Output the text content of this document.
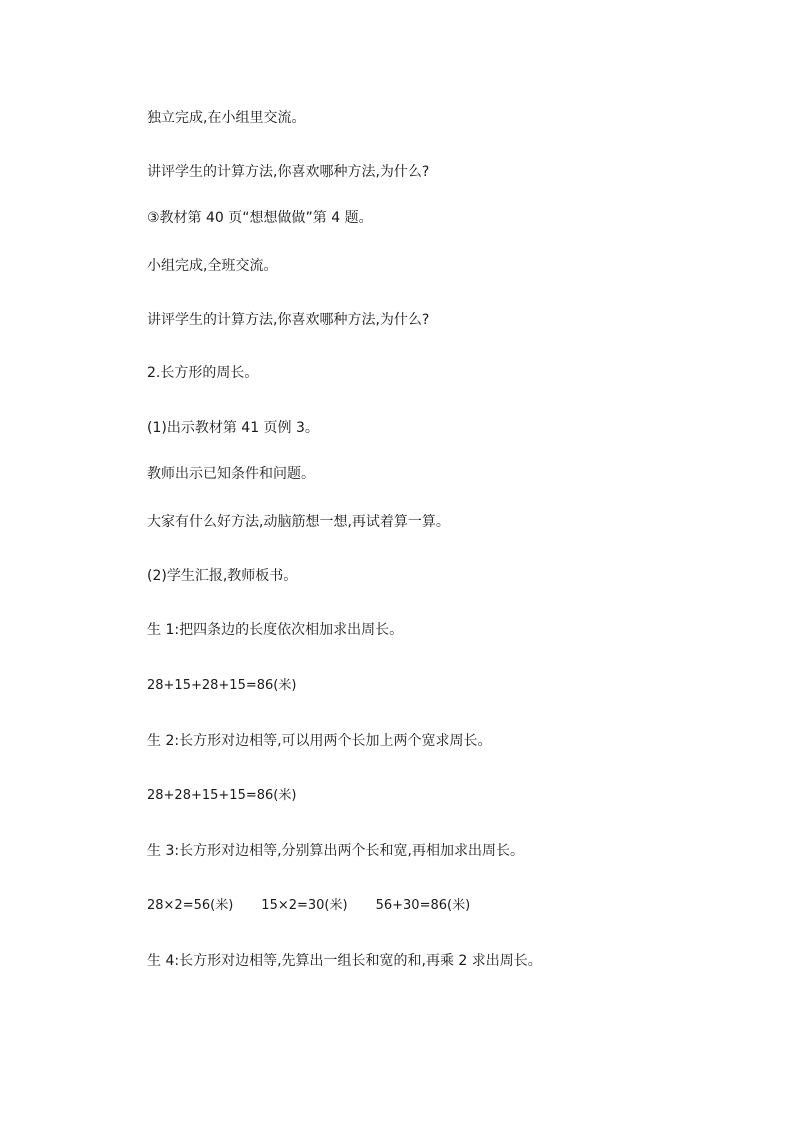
独立完成,在小组里交流。
讲评学生的计算方法,你喜欢哪种方法,为什么?
③教材第 40 页“想想做做”第 4 题。
小组完成,全班交流。
讲评学生的计算方法,你喜欢哪种方法,为什么?
2.长方形的周长。
(1)出示教材第 41 页例 3。
教师出示已知条件和问题。
大家有什么好方法,动脑筋想一想,再试着算一算。
(2)学生汇报,教师板书。
生 1:把四条边的长度依次相加求出周长。
28+15+28+15=86(米)
生 2:长方形对边相等,可以用两个长加上两个宽求周长。
28+28+15+15=86(米)
生 3:长方形对边相等,分别算出两个长和宽,再相加求出周长。
28×2=56(米) 15×2=30(米) 56+30=86(米)
生 4:长方形对边相等,先算出一组长和宽的和,再乘 2 求出周长。
